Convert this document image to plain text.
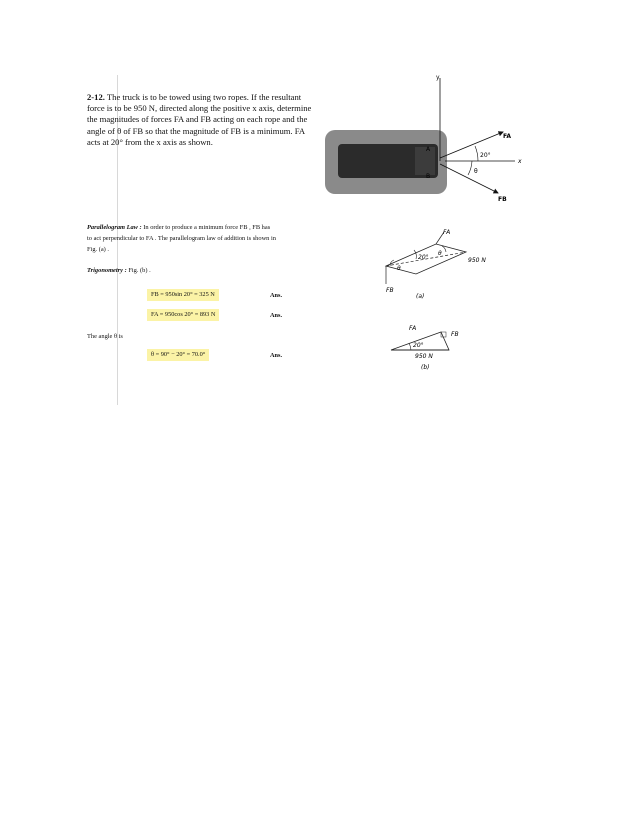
2-12. The truck is to be towed using two ropes. If the resultant force is to be 950 N, directed along the positive x axis, determine the magnitudes of forces FA and FB acting on each rope and the angle of θ of FB so that the magnitude of FB is a minimum. FA acts at 20° from the x axis as shown.
y
x
FA
FB
A
B
20°
θ
Parallelogram Law : In order to produce a minimum force FB , FB has
to act perpendicular to FA . The parallelogram law of addition is shown in
Fig. (a) .
Trigonometry : Fig. (b) .
FB = 950sin 20° = 325 N	Ans.
FA = 950cos 20° = 893 N	Ans.
The angle θ is
θ = 90° − 20° = 70.0°	Ans.
FA
20°
θ
θ
950 N
FB
(a)
FA
FB
20°
950 N
(b)
